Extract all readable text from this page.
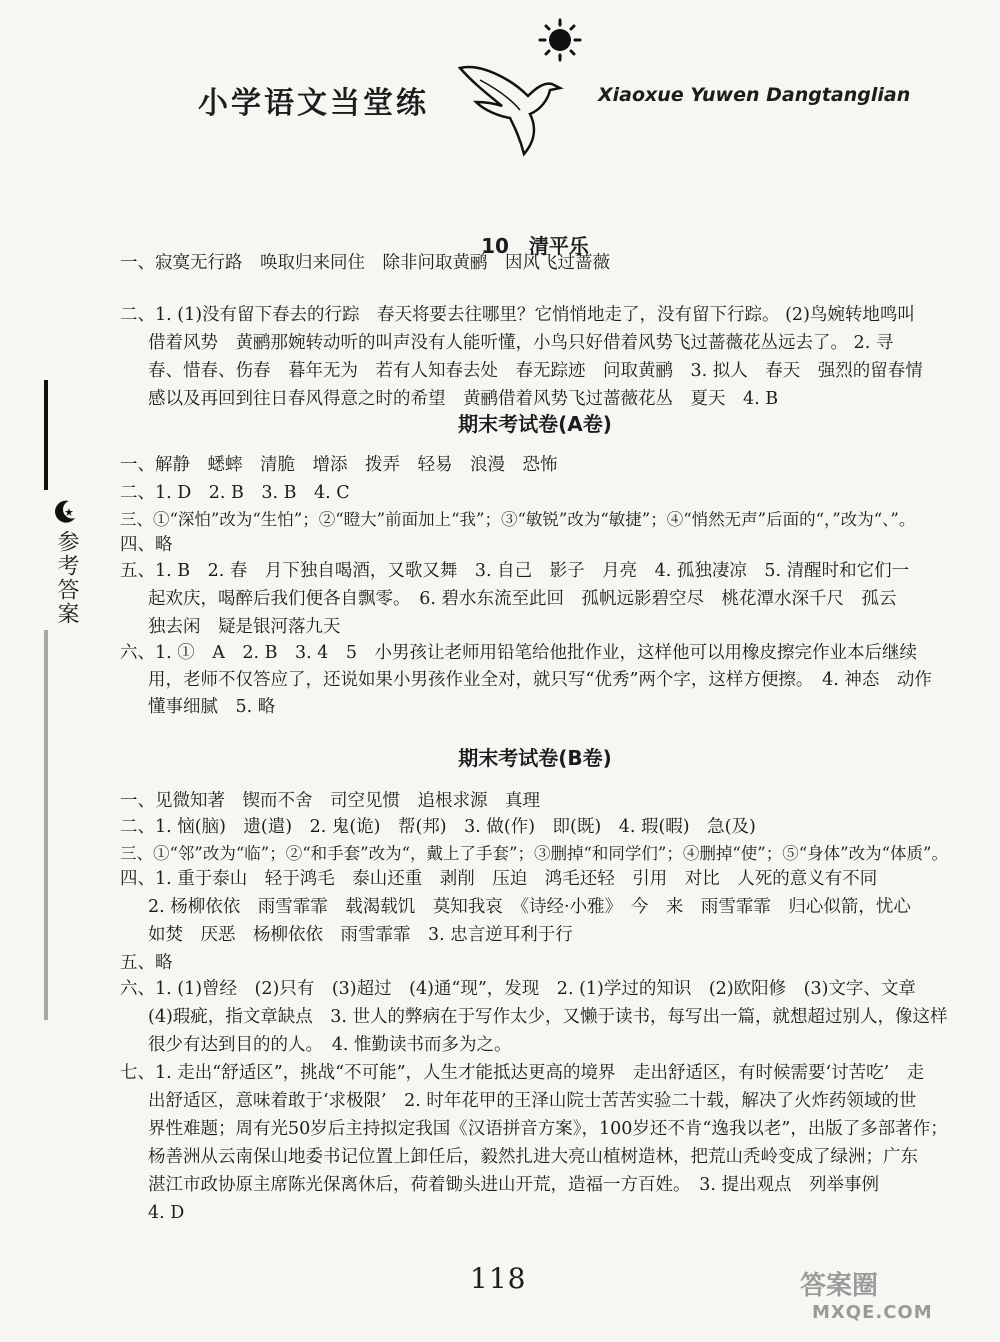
小学语文当堂练	Xiaoxue Yuwen Dangtanglian
参考答案

10　清平乐

一、寂寞无行路　唤取归来同住　除非问取黄鹂　因风飞过蔷薇

二、1. (1)没有留下春去的行踪　春天将要去往哪里？它悄悄地走了，没有留下行踪。 (2)鸟婉转地鸣叫

借着风势　黄鹂那婉转动听的叫声没有人能听懂，小鸟只好借着风势飞过蔷薇花丛远去了。 2. 寻

春、惜春、伤春　暮年无为　若有人知春去处　春无踪迹　问取黄鹂　3. 拟人　春天　强烈的留春情

感以及再回到往日春风得意之时的希望　黄鹂借着风势飞过蔷薇花丛　夏天　4. B

期末考试卷(A卷)

一、解静　蟋蟀　清脆　增添　拨弄　轻易　浪漫　恐怖

二、1. D　2. B　3. B　4. C

三、①“深怕”改为“生怕”；②“瞪大”前面加上“我”；③“敏锐”改为“敏捷”；④“悄然无声”后面的“，”改为“、”。

四、略

五、1. B　2. 春　月下独自喝酒，又歌又舞　3. 自己　影子　月亮　4. 孤独凄凉　5. 清醒时和它们一

起欢庆，喝醉后我们便各自飘零。　6. 碧水东流至此回　孤帆远影碧空尽　桃花潭水深千尺　孤云

独去闲　疑是银河落九天

六、1. ①　A　2. B　3. 4　5　小男孩让老师用铅笔给他批作业，这样他可以用橡皮擦完作业本后继续

用，老师不仅答应了，还说如果小男孩作业全对，就只写“优秀”两个字，这样方便擦。　4. 神态　动作

懂事细腻　5. 略

期末考试卷(B卷)

一、见微知著　锲而不舍　司空见惯　追根求源　真理

二、1. 恼(脑)　遗(遣)　2. 鬼(诡)　帮(邦)　3. 做(作)　即(既)　4. 瑕(暇)　急(及)

三、①“邻”改为“临”；②“和手套”改为“，戴上了手套”；③删掉“和同学们”；④删掉“使”；⑤“身体”改为“体质”。

四、1. 重于泰山　轻于鸿毛　泰山还重　剥削　压迫　鸿毛还轻　引用　对比　人死的意义有不同

2. 杨柳依依　雨雪霏霏　载渴载饥　莫知我哀　《诗经·小雅》　今　来　雨雪霏霏　归心似箭，忧心

如焚　厌恶　杨柳依依　雨雪霏霏　3. 忠言逆耳利于行

五、略

六、1. (1)曾经　(2)只有　(3)超过　(4)通“现”，发现　2. (1)学过的知识　(2)欧阳修　(3)文字、文章

(4)瑕疵，指文章缺点　3. 世人的弊病在于写作太少，又懒于读书，每写出一篇，就想超过别人，像这样

很少有达到目的的人。　4. 惟勤读书而多为之。

七、1. 走出“舒适区”，挑战“不可能”，人生才能抵达更高的境界　走出舒适区，有时候需要‘讨苦吃’　走

出舒适区，意味着敢于‘求极限’　2. 时年花甲的王泽山院士苦苦实验二十载，解决了火炸药领域的世

界性难题；周有光50岁后主持拟定我国《汉语拼音方案》，100岁还不肯“逸我以老”，出版了多部著作；

杨善洲从云南保山地委书记位置上卸任后，毅然扎进大亮山植树造林，把荒山秃岭变成了绿洲；广东

湛江市政协原主席陈光保离休后，荷着锄头进山开荒，造福一方百姓。　3. 提出观点　列举事例

4. D

118	答案圈
MXQE.COM
